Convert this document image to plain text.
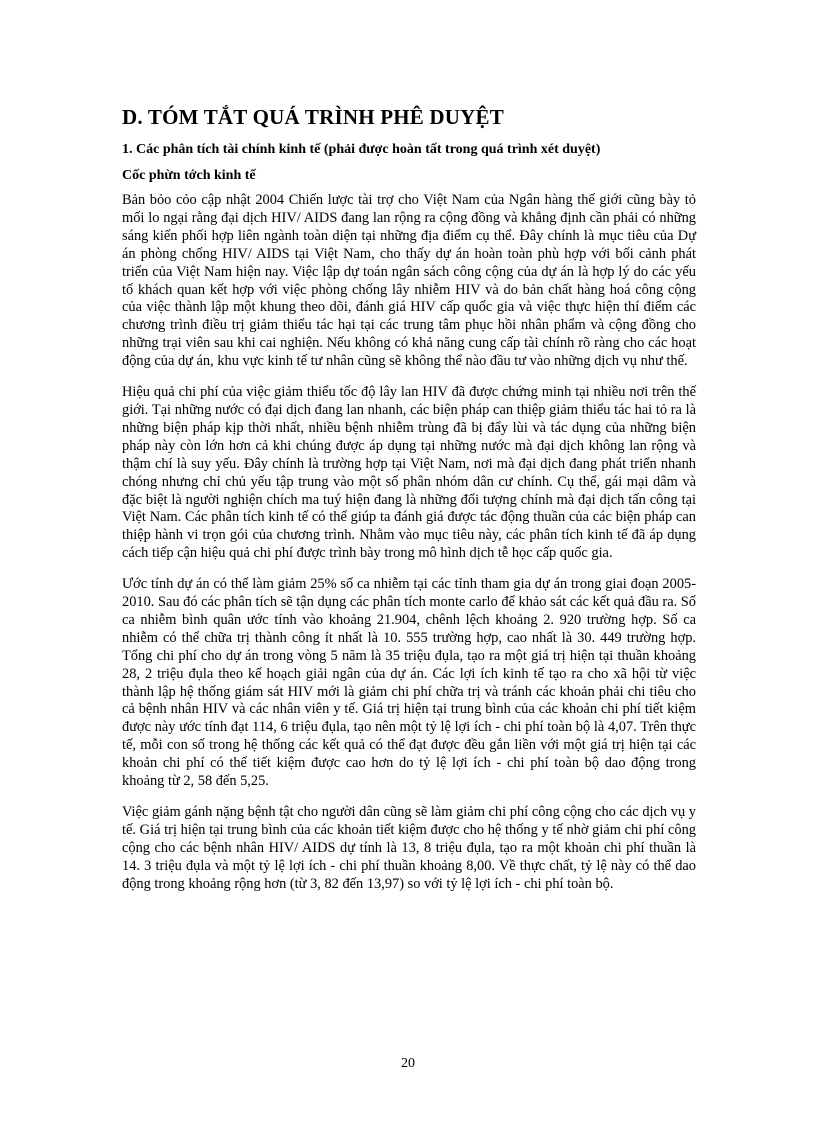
D. TÓM TẮT QUÁ TRÌNH PHÊ DUYỆT
1. Các phân tích tài chính kinh tế (phải được hoàn tất trong quá trình xét duyệt)
Cốc phừn tớch kinh tế

Bản bỏo cỏo cập nhật 2004 Chiến lược tài trợ cho Việt Nam của Ngân hàng thế giới cũng bày tỏ mối lo ngại rằng đại dịch HIV/ AIDS đang lan rộng ra cộng đồng và khẳng định cần phải có những sáng kiến phối hợp liên ngành toàn diện tại những địa điểm cụ thể. Đây chính là mục tiêu của Dự án phòng chống HIV/ AIDS tại Việt Nam, cho thấy dự án hoàn toàn phù hợp với bối cảnh phát triển của Việt Nam hiện nay. Việc lập dự toán ngân sách công cộng của dự án là hợp lý do các yếu tố khách quan kết hợp với việc phòng chống lây nhiễm HIV và do bản chất hàng hoá công cộng của việc thành lập một khung theo dõi, đánh giá HIV cấp quốc gia và việc thực hiện thí điểm các chương trình điều trị giảm thiểu tác hại tại các trung tâm phục hồi nhân phẩm và cộng đồng cho những trại viên sau khi cai nghiện. Nếu không có khả năng cung cấp tài chính rõ ràng cho các hoạt động của dự án, khu vực kinh tế tư nhân cũng sẽ không thể nào đầu tư vào những dịch vụ như thế.

Hiệu quả chi phí của việc giảm thiểu tốc độ lây lan HIV đã được chứng minh tại nhiều nơi trên thế giới. Tại những nước có đại dịch đang lan nhanh, các biện pháp can thiệp giảm thiểu tác hai tỏ ra là những biện pháp kịp thời nhất, nhiều bệnh nhiễm trùng đã bị đẩy lùi và tác dụng của những biện pháp này còn lớn hơn cả khi chúng được áp dụng tại những nước mà đại dịch không lan rộng và thậm chí là suy yếu. Đây chính là trường hợp tại Việt Nam, nơi mà đại dịch đang phát triển nhanh chóng nhưng chỉ chủ yếu tập trung vào một số phân nhóm dân cư chính. Cụ thể, gái mại dâm và đặc biệt là người nghiện chích ma tuý hiện đang là những đối tượng chính mà đại dịch tấn công tại Việt Nam. Các phân tích kinh tế có thể giúp ta đánh giá được tác động thuần của các biện pháp can thiệp hành vi trọn gói của chương trình. Nhằm vào mục tiêu này, các phân tích kinh tế đã áp dụng cách tiếp cận hiệu quả chi phí được trình bày trong mô hình dịch tễ học cấp quốc gia.

Ước tính dự án có thể làm giảm 25% số ca nhiễm tại các tỉnh tham gia dự án trong giai đoạn 2005-2010. Sau đó các phân tích sẽ tận dụng các phân tích monte carlo để khảo sát các kết quả đầu ra. Số ca nhiễm bình quân ước tính vào khoảng 21.904, chênh lệch khoảng 2. 920 trường hợp. Số ca nhiễm có thể chữa trị thành công ít nhất là 10. 555 trường hợp, cao nhất là 30. 449 trường hợp. Tổng chi phí cho dự án trong vòng 5 năm là 35 triệu đụla, tạo ra một giá trị hiện tại thuần khoảng 28, 2 triệu đụla theo kế hoạch giải ngân của dự án. Các lợi ích kinh tế tạo ra cho xã hội từ việc thành lập hệ thống giám sát HIV mới là giảm chi phí chữa trị và tránh các khoản phải chi tiêu cho cả bệnh nhân HIV và các nhân viên y tế. Giá trị hiện tại trung bình của các khoản chi phí tiết kiệm được này ước tính đạt 114, 6 triệu đụla, tạo nên một tỷ lệ lợi ích - chi phí toàn bộ là 4,07. Trên thực tế, mỗi con số trong hệ thống các kết quả có thể đạt được đều gắn liền với một giá trị hiện tại các khoản chi phí có thể tiết kiệm được cao hơn do tỷ lệ lợi ích - chi phí toàn bộ dao động trong khoảng từ 2, 58 đến 5,25.

Việc giảm gánh nặng bệnh tật cho người dân cũng sẽ làm giảm chi phí công cộng cho các dịch vụ y tế. Giá trị hiện tại trung bình của các khoản tiết kiệm được cho hệ thống y tế nhờ giảm chi phí công cộng cho các bệnh nhân HIV/ AIDS dự tính là 13, 8 triệu đụla, tạo ra một khoản chi phí thuần là 14. 3 triệu đụla và một tỷ lệ lợi ích - chi phí thuần khoảng 8,00. Về thực chất, tỷ lệ này có thể dao động trong khoảng rộng hơn (từ 3, 82 đến 13,97) so với tỷ lệ lợi ích - chi phí toàn bộ.

20
